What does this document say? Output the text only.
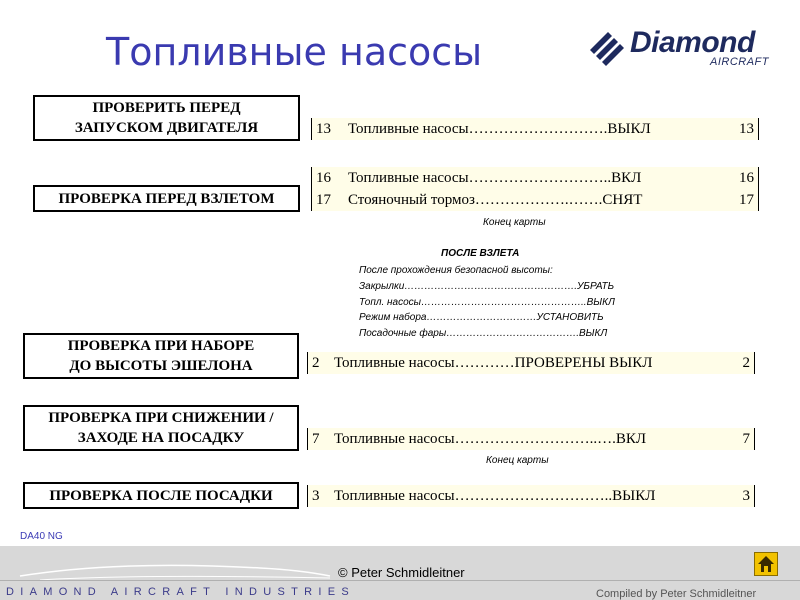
Топливные насосы	Diamond
AIRCRAFT
ПРОВЕРИТЬ ПЕРЕД
ЗАПУСКОМ ДВИГАТЕЛЯ	13	Топливные насосы……………………….ВЫКЛ	13
ПРОВЕРКА ПЕРЕД ВЗЛЕТОМ
16	Топливные насосы………………………..ВКЛ	16
17	Стояночный тормоз……………….…….СНЯТ	17
Конец карты
ПОСЛЕ ВЗЛЕТА
После прохождения безопасной высоты:
Закрылки…………………………………………….УБРАТЬ
Топл. насосы…………………………………………..ВЫКЛ
Режим набора……………………………УСТАНОВИТЬ
Посадочные фары………………………………….ВЫКЛ
ПРОВЕРКА ПРИ НАБОРЕ
ДО ВЫСОТЫ ЭШЕЛОНА	2 Топливные насосы…………ПРОВЕРЕНЫ ВЫКЛ	2
ПРОВЕРКА ПРИ СНИЖЕНИИ /
ЗАХОДЕ НА ПОСАДКУ	7 Топливные насосы………………………..….ВКЛ	7
Конец карты
ПРОВЕРКА ПОСЛЕ ПОСАДКИ	3 Топливные насосы…………………………..ВЫКЛ	3
DA40 NG
© Peter Schmidleitner
DIAMOND AIRCRAFT INDUSTRIES	Compiled by Peter Schmidleitner
